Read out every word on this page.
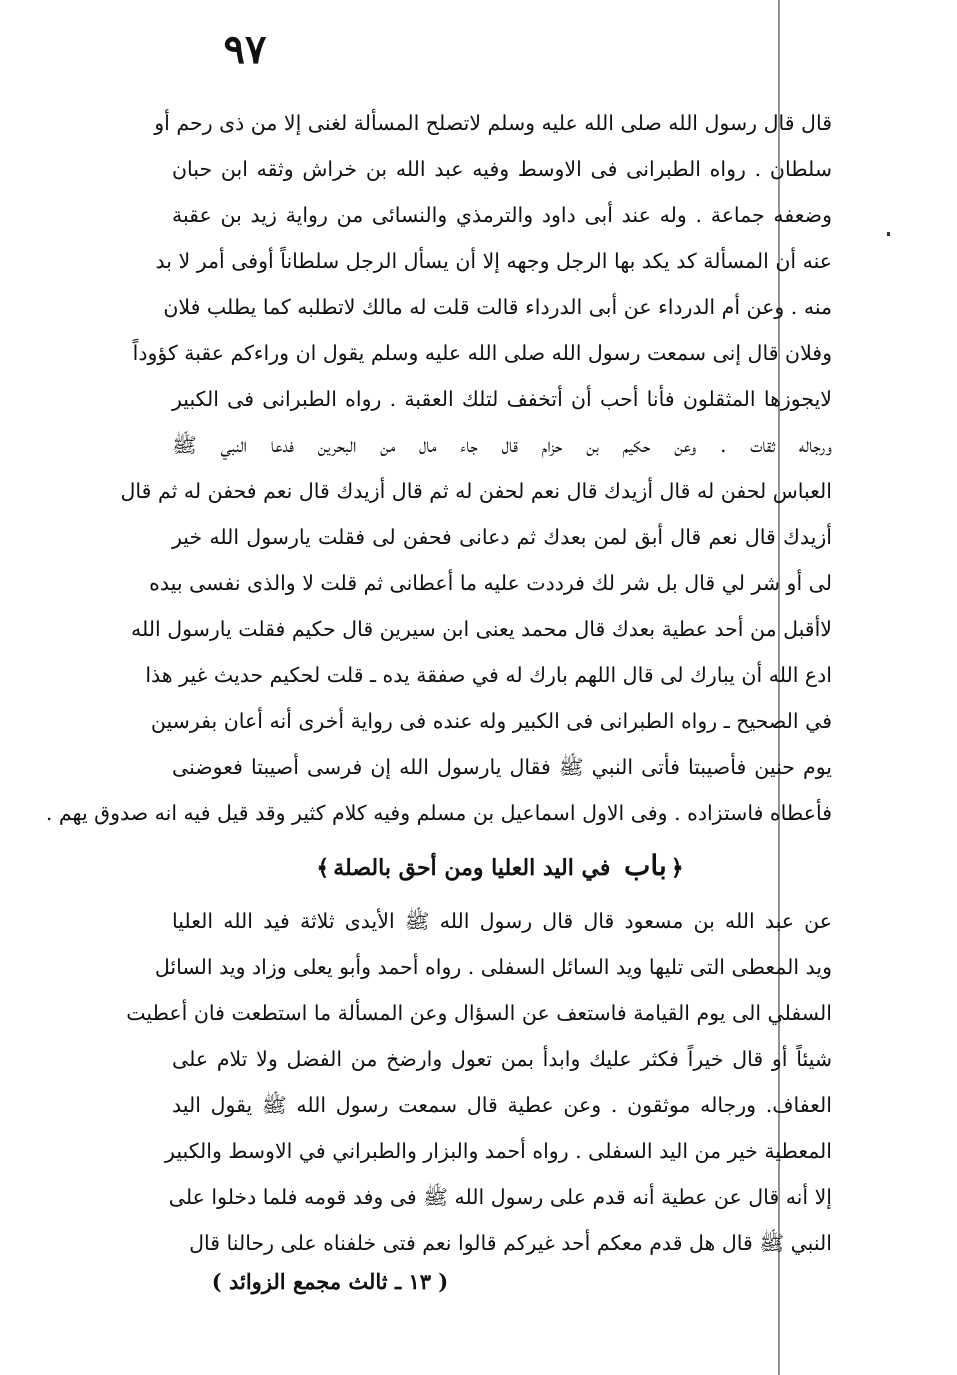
٩٧
قال قال رسول الله صلى الله عليه وسلم لاتصلح المسألة لغنى إلا من ذى رحم أو
سلطان . رواه الطبرانى فى الاوسط وفيه عبد الله بن خراش وثقه ابن حبان
وضعفه جماعة . وله عند أبى داود والترمذي والنسائى من رواية زيد بن عقبة
عنه أن المسألة كد يكد بها الرجل وجهه إلا أن يسأل الرجل سلطاناً أوفى أمر لا بد
منه . وعن أم الدرداء عن أبى الدرداء قالت قلت له مالك لاتطلبه كما يطلب فلان
وفلان قال إنى سمعت رسول الله صلى الله عليه وسلم يقول ان وراءكم عقبة كؤوداً
لايجوزها المثقلون فأنا أحب أن أتخفف لتلك العقبة . رواه الطبرانى فى الكبير
ورجاله ثقات . وعن حكيم بن حزام قال جاء مال من البحرين فدعا النبي ﷺ
العباس لحفن له قال أزيدك قال نعم لحفن له ثم قال أزيدك قال نعم فحفن له ثم قال
أزيدك قال نعم قال أبق لمن بعدك ثم دعانى فحفن لى فقلت يارسول الله خير
لى أو شر لي قال بل شر لك فرددت عليه ما أعطانى ثم قلت لا والذى نفسى بيده
لاأقبل من أحد عطية بعدك قال محمد يعنى ابن سيرين قال حكيم فقلت يارسول الله
ادع الله أن يبارك لى قال اللهم بارك له في صفقة يده ـ قلت لحكيم حديث غير هذا
في الصحيح ـ رواه الطبرانى فى الكبير وله عنده فى رواية أخرى أنه أعان بفرسين
يوم حنين فأصيبتا فأتى النبي ﷺ فقال يارسول الله إن فرسى أصيبتا فعوضنى
فأعطاه فاستزاده . وفى الاول اسماعيل بن مسلم وفيه كلام كثير وقد قيل فيه انه صدوق يهم .
﴿باب في اليد العليا ومن أحق بالصلة﴾
عن عبد الله بن مسعود قال قال رسول الله ﷺ الأيدى ثلاثة فيد الله العليا
ويد المعطى التى تليها ويد السائل السفلى . رواه أحمد وأبو يعلى وزاد ويد السائل
السفلي الى يوم القيامة فاستعف عن السؤال وعن المسألة ما استطعت فان أعطيت
شيئاً أو قال خيراً فكثر عليك وابدأ بمن تعول وارضخ من الفضل ولا تلام على
العفاف. ورجاله موثقون . وعن عطية قال سمعت رسول الله ﷺ يقول اليد
المعطية خير من اليد السفلى . رواه أحمد والبزار والطبراني في الاوسط والكبير
إلا أنه قال عن عطية أنه قدم على رسول الله ﷺ فى وفد قومه فلما دخلوا على
النبي ﷺ قال هل قدم معكم أحد غيركم قالوا نعم فتى خلفناه على رحالنا قال
( ١٣ ـ ثالث مجمع الزوائد )
